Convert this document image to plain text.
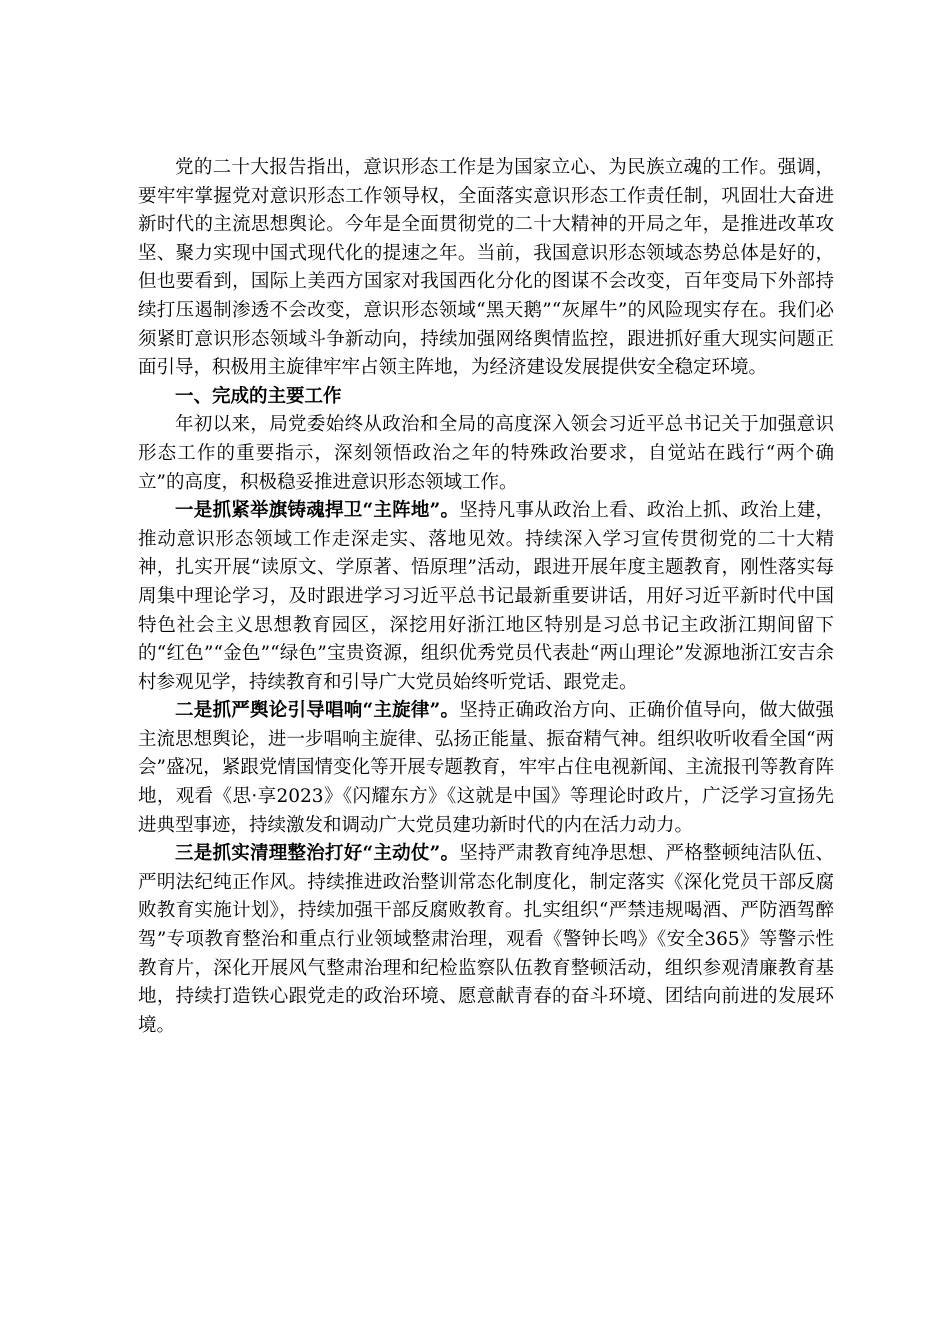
党的二十大报告指出，意识形态工作是为国家立心、为民族立魂的工作。强调，要牢牢掌握党对意识形态工作领导权，全面落实意识形态工作责任制，巩固壮大奋进新时代的主流思想舆论。今年是全面贯彻党的二十大精神的开局之年，是推进改革攻坚、聚力实现中国式现代化的提速之年。当前，我国意识形态领域态势总体是好的，但也要看到，国际上美西方国家对我国西化分化的图谋不会改变，百年变局下外部持续打压遏制渗透不会改变，意识形态领域“黑天鹅”“灰犀牛”的风险现实存在。我们必须紧盯意识形态领域斗争新动向，持续加强网络舆情监控，跟进抓好重大现实问题正面引导，积极用主旋律牢牢占领主阵地，为经济建设发展提供安全稳定环境。

一、完成的主要工作

年初以来，局党委始终从政治和全局的高度深入领会习近平总书记关于加强意识形态工作的重要指示，深刻领悟政治之年的特殊政治要求，自觉站在践行“两个确立”的高度，积极稳妥推进意识形态领域工作。

一是抓紧举旗铸魂捍卫“主阵地”。坚持凡事从政治上看、政治上抓、政治上建，推动意识形态领域工作走深走实、落地见效。持续深入学习宣传贯彻党的二十大精神，扎实开展“读原文、学原著、悟原理”活动，跟进开展年度主题教育，刚性落实每周集中理论学习，及时跟进学习习近平总书记最新重要讲话，用好习近平新时代中国特色社会主义思想教育园区，深挖用好浙江地区特别是习总书记主政浙江期间留下的“红色”“金色”“绿色”宝贵资源，组织优秀党员代表赴“两山理论”发源地浙江安吉余村参观见学，持续教育和引导广大党员始终听党话、跟党走。

二是抓严舆论引导唱响“主旋律”。坚持正确政治方向、正确价值导向，做大做强主流思想舆论，进一步唱响主旋律、弘扬正能量、振奋精气神。组织收听收看全国“两会”盛况，紧跟党情国情变化等开展专题教育，牢牢占住电视新闻、主流报刊等教育阵地，观看《思·享2023》《闪耀东方》《这就是中国》等理论时政片，广泛学习宣扬先进典型事迹，持续激发和调动广大党员建功新时代的内在活力动力。

三是抓实清理整治打好“主动仗”。坚持严肃教育纯净思想、严格整顿纯洁队伍、严明法纪纯正作风。持续推进政治整训常态化制度化，制定落实《深化党员干部反腐败教育实施计划》，持续加强干部反腐败教育。扎实组织“严禁违规喝酒、严防酒驾醉驾”专项教育整治和重点行业领域整肃治理，观看《警钟长鸣》《安全365》等警示性教育片，深化开展风气整肃治理和纪检监察队伍教育整顿活动，组织参观清廉教育基地，持续打造铁心跟党走的政治环境、愿意献青春的奋斗环境、团结向前进的发展环境。
